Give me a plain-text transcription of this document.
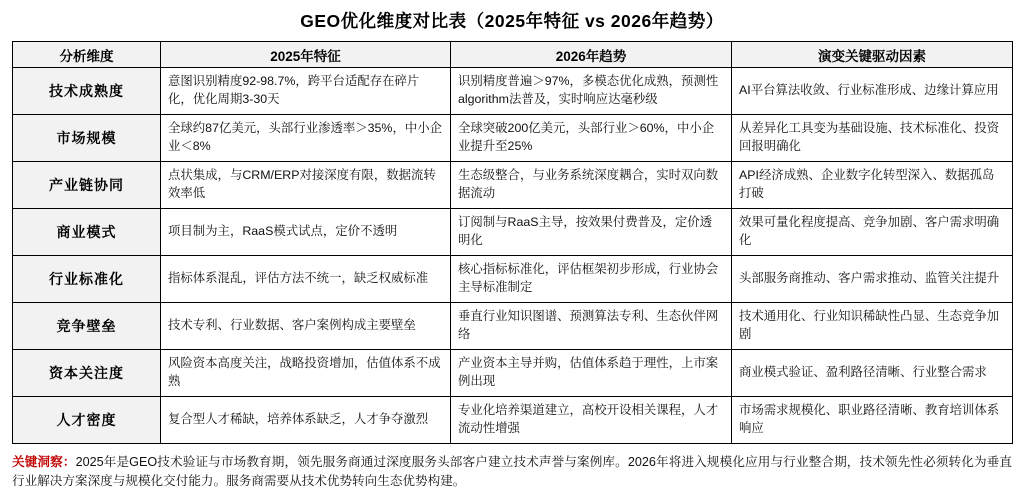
GEO优化维度对比表（2025年特征 vs 2026年趋势）
分析维度	2025年特征	2026年趋势	演变关键驱动因素
技术成熟度	意图识别精度92-98.7%，跨平台适配存在碎片化，优化周期3-30天	识别精度普遍＞97%，多模态优化成熟，预测性algorithm法普及，实时响应达毫秒级	AI平台算法收敛、行业标准形成、边缘计算应用
市场规模	全球约87亿美元，头部行业渗透率＞35%，中小企业＜8%	全球突破200亿美元，头部行业＞60%，中小企业提升至25%	从差异化工具变为基础设施、技术标准化、投资回报明确化
产业链协同	点状集成，与CRM/ERP对接深度有限，数据流转效率低	生态级整合，与业务系统深度耦合，实时双向数据流动	API经济成熟、企业数字化转型深入、数据孤岛打破
商业模式	项目制为主，RaaS模式试点，定价不透明	订阅制与RaaS主导，按效果付费普及，定价透明化	效果可量化程度提高、竞争加剧、客户需求明确化
行业标准化	指标体系混乱，评估方法不统一，缺乏权威标准	核心指标标准化，评估框架初步形成，行业协会主导标准制定	头部服务商推动、客户需求推动、监管关注提升
竞争壁垒	技术专利、行业数据、客户案例构成主要壁垒	垂直行业知识图谱、预测算法专利、生态伙伴网络	技术通用化、行业知识稀缺性凸显、生态竞争加剧
资本关注度	风险资本高度关注，战略投资增加，估值体系不成熟	产业资本主导并购，估值体系趋于理性，上市案例出现	商业模式验证、盈利路径清晰、行业整合需求
人才密度	复合型人才稀缺，培养体系缺乏，人才争夺激烈	专业化培养渠道建立，高校开设相关课程，人才流动性增强	市场需求规模化、职业路径清晰、教育培训体系响应
关键洞察：2025年是GEO技术验证与市场教育期，领先服务商通过深度服务头部客户建立技术声誉与案例库。2026年将进入规模化应用与行业整合期，技术领先性必须转化为垂直行业解决方案深度与规模化交付能力。服务商需要从技术优势转向生态优势构建。
